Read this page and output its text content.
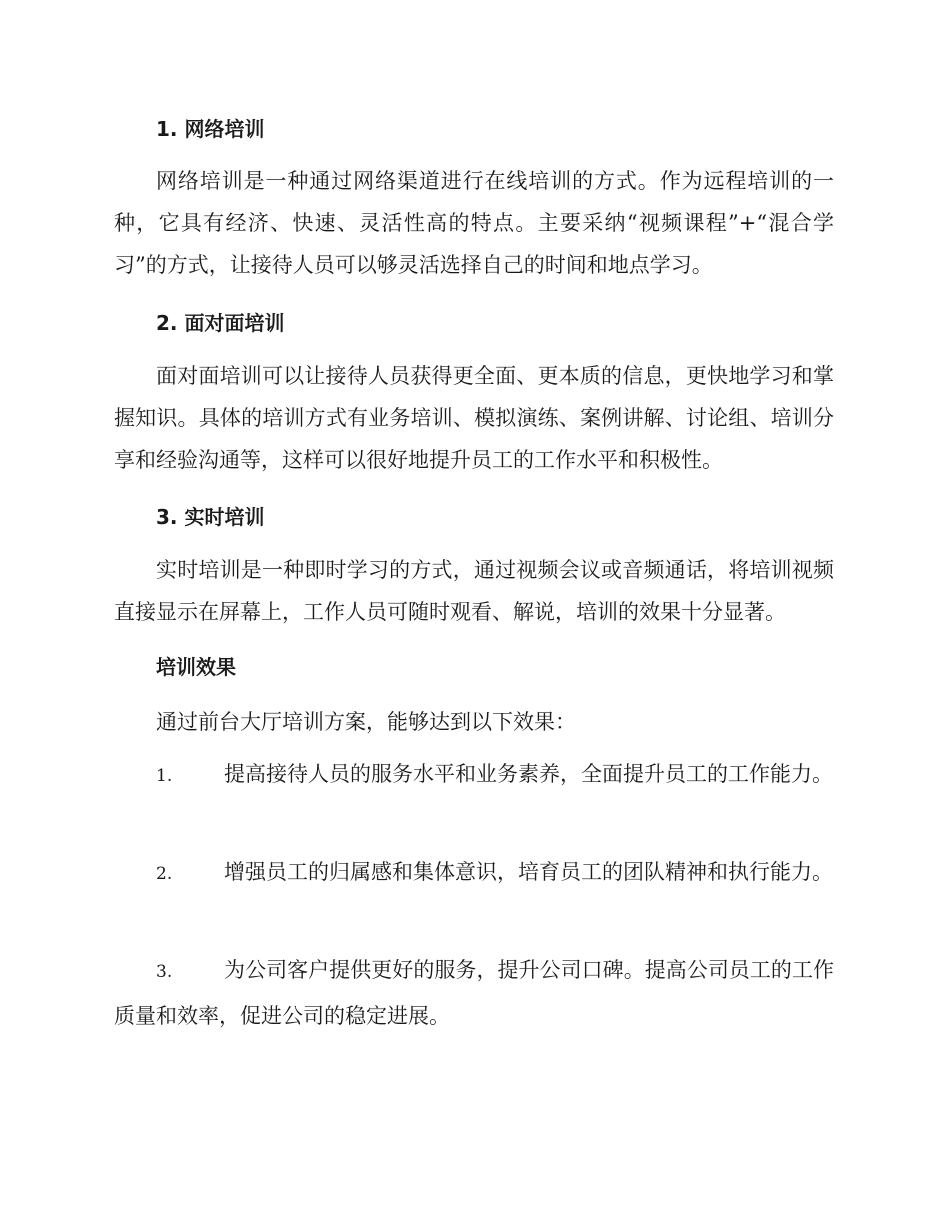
1. 网络培训

网络培训是一种通过网络渠道进行在线培训的方式。作为远程培训的一种，它具有经济、快速、灵活性高的特点。主要采纳“视频课程”+“混合学习”的方式，让接待人员可以够灵活选择自己的时间和地点学习。

2. 面对面培训

面对面培训可以让接待人员获得更全面、更本质的信息，更快地学习和掌握知识。具体的培训方式有业务培训、模拟演练、案例讲解、讨论组、培训分享和经验沟通等，这样可以很好地提升员工的工作水平和积极性。

3. 实时培训

实时培训是一种即时学习的方式，通过视频会议或音频通话，将培训视频直接显示在屏幕上，工作人员可随时观看、解说，培训的效果十分显著。

培训效果

通过前台大厅培训方案，能够达到以下效果：

1. 提高接待人员的服务水平和业务素养，全面提升员工的工作能力。

2. 增强员工的归属感和集体意识，培育员工的团队精神和执行能力。

3. 为公司客户提供更好的服务，提升公司口碑。提高公司员工的工作质量和效率，促进公司的稳定进展。
